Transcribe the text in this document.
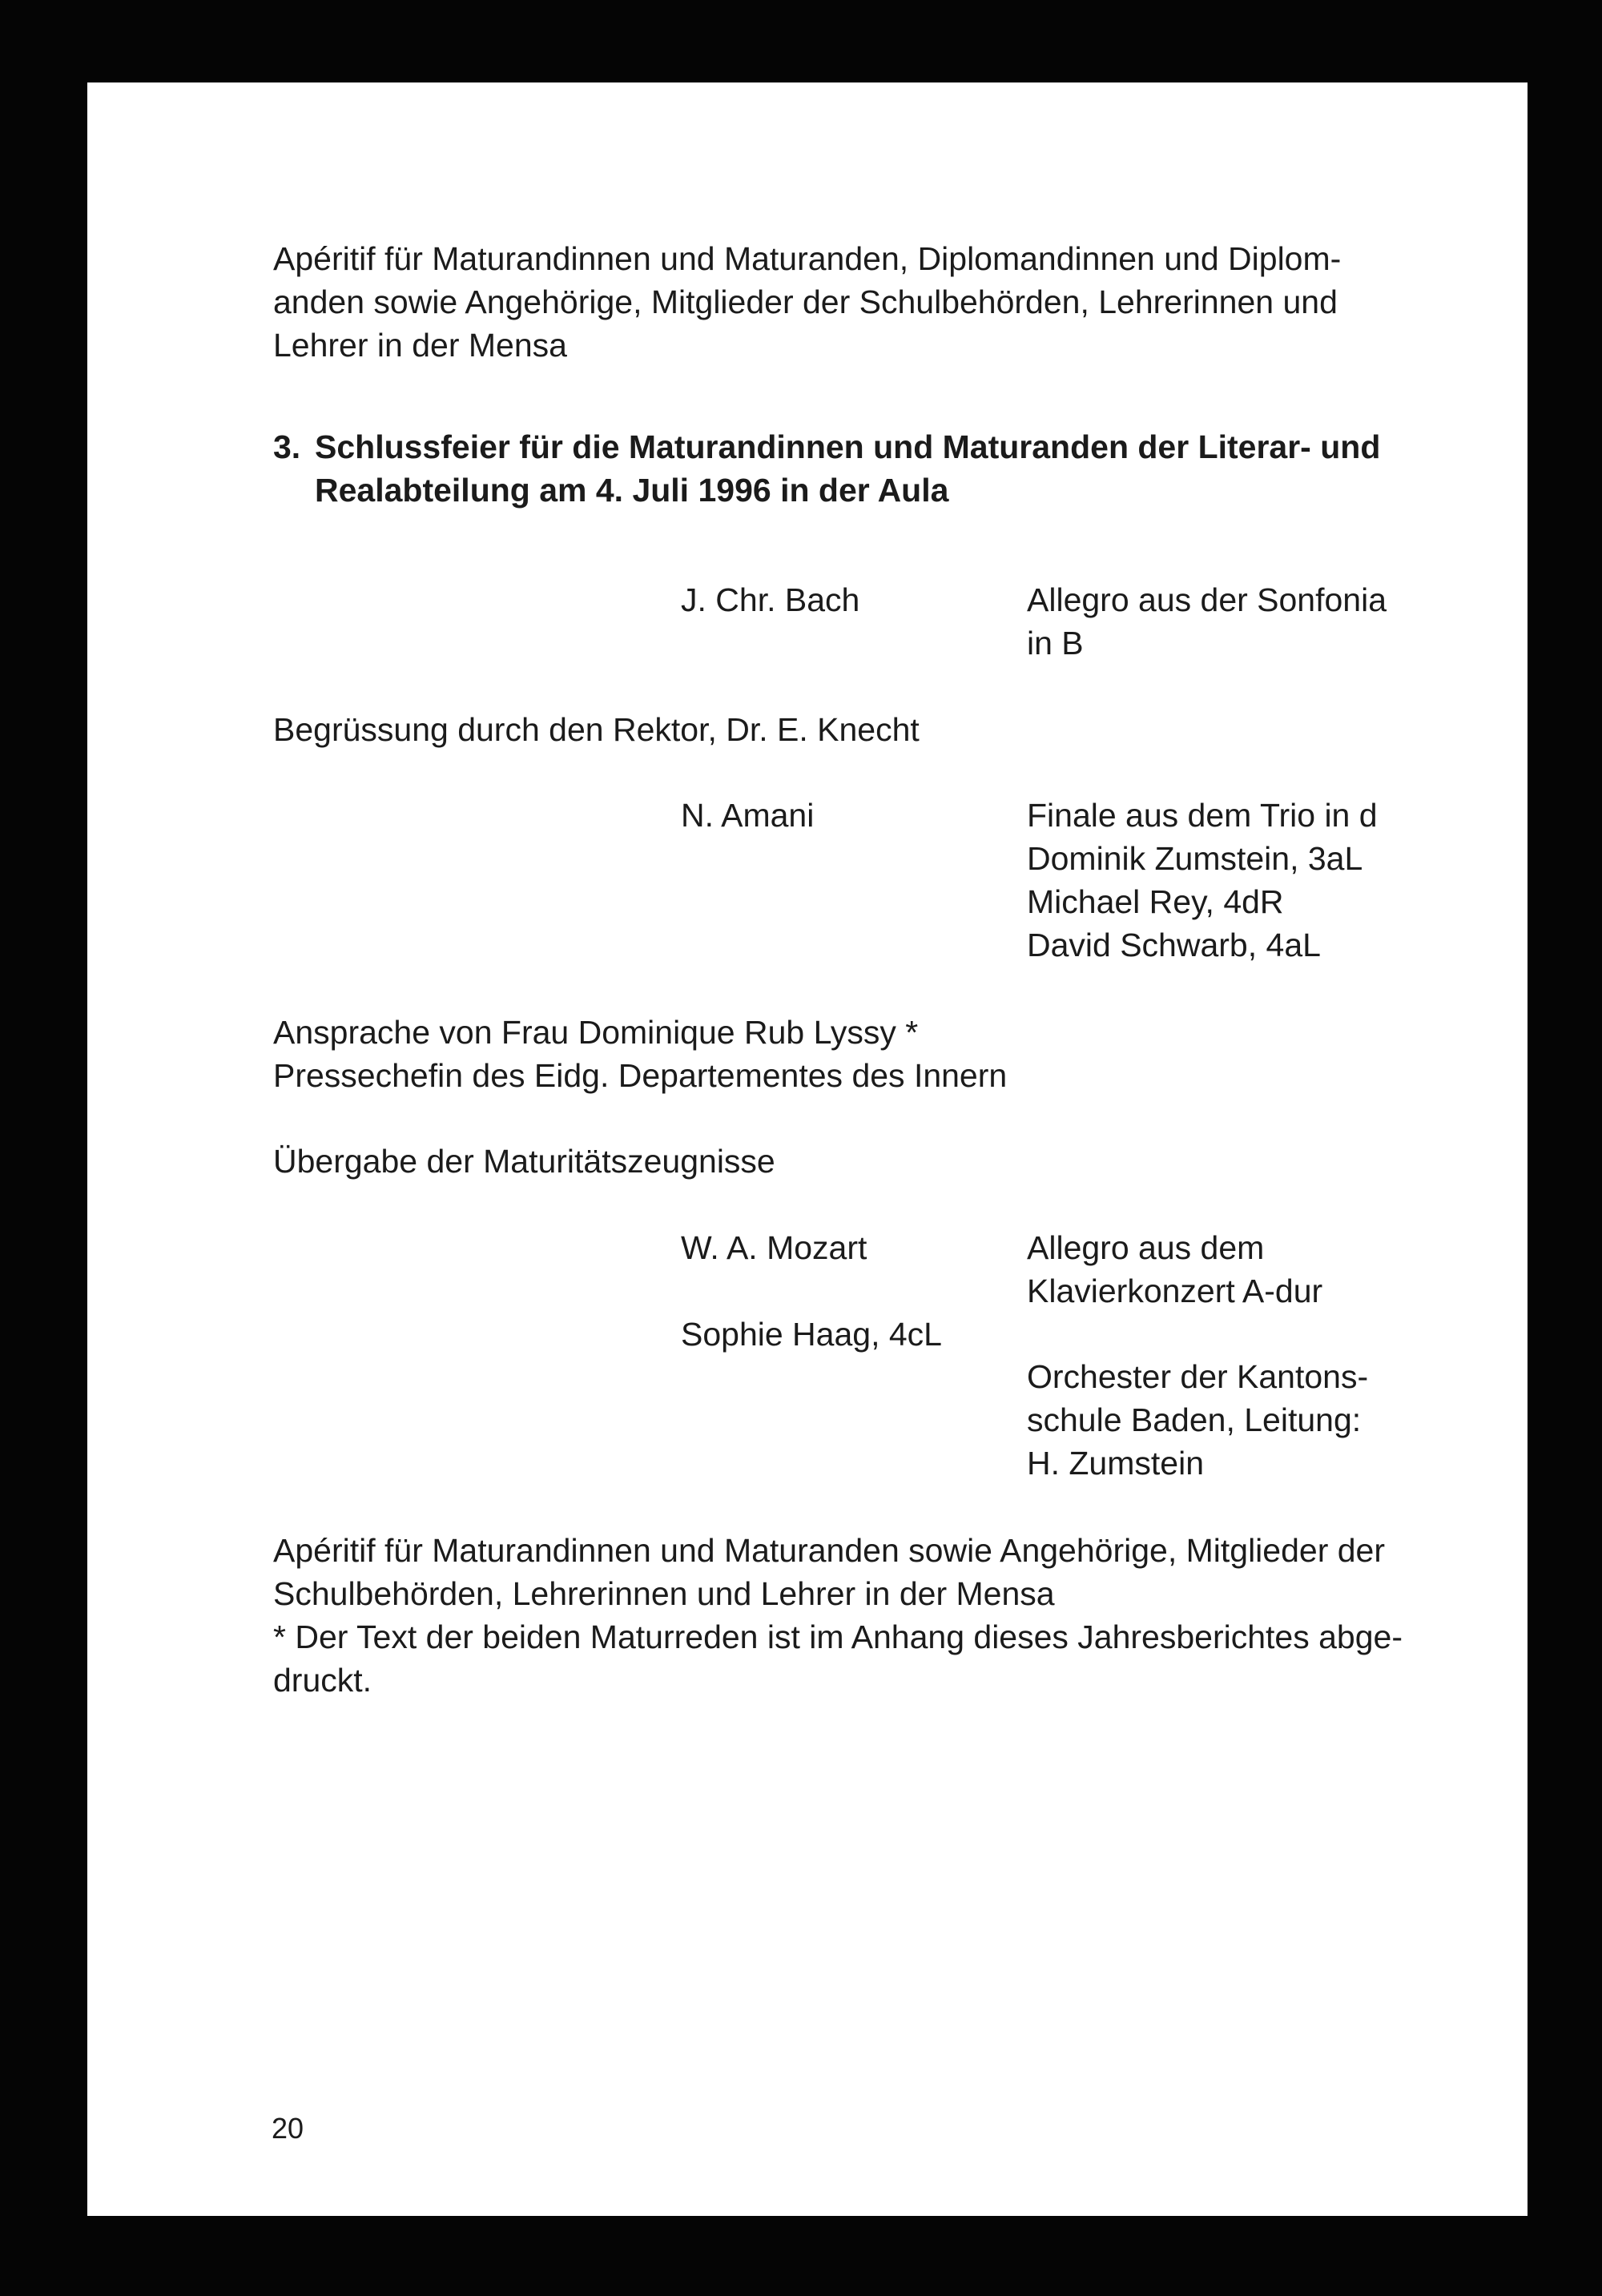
Apéritif für Maturandinnen und Maturanden, Diplomandinnen und Diplom-
anden sowie Angehörige, Mitglieder der Schulbehörden, Lehrerinnen und
Lehrer in der Mensa
3. Schlussfeier für die Maturandinnen und Maturanden der Literar- und
Realabteilung am 4. Juli 1996 in der Aula
J. Chr. Bach	Allegro aus der Sonfonia
in B
Begrüssung durch den Rektor, Dr. E. Knecht
N. Amani	Finale aus dem Trio in d
Dominik Zumstein, 3aL
Michael Rey, 4dR
David Schwarb, 4aL
Ansprache von Frau Dominique Rub Lyssy *
Pressechefin des Eidg. Departementes des Innern
Übergabe der Maturitätszeugnisse
W. A. Mozart	Allegro aus dem
Klavierkonzert A-dur
Sophie Haag, 4cL
Orchester der Kantons-
schule Baden, Leitung:
H. Zumstein
Apéritif für Maturandinnen und Maturanden sowie Angehörige, Mitglieder der
Schulbehörden, Lehrerinnen und Lehrer in der Mensa
* Der Text der beiden Maturreden ist im Anhang dieses Jahresberichtes abge-
druckt.
20
